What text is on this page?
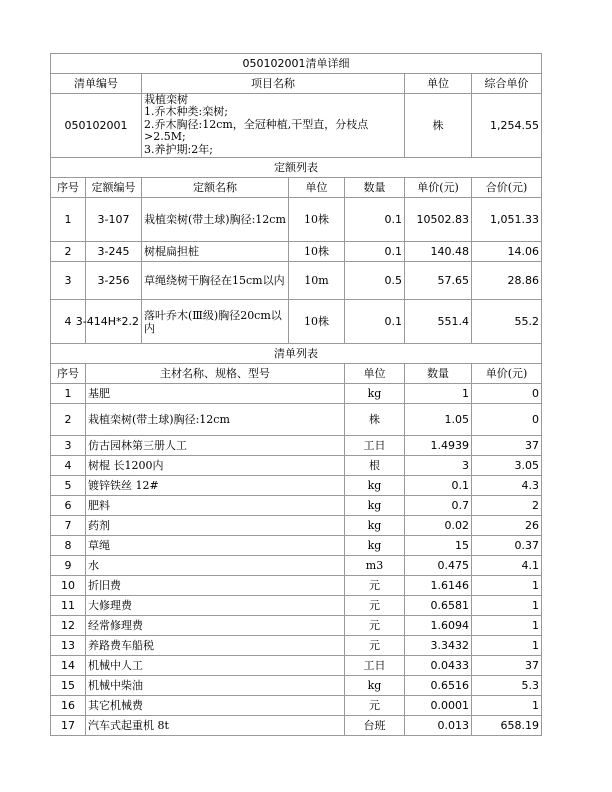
050102001清单详细							
清单编号		项目名称			单位	综合单价	
050102001		栽植栾树
1.乔木种类:栾树;
2.乔木胸径:12cm，全冠种植,干型直，分枝点
>2.5M;
3.养护期:2年;			株	1,254.55	
定额列表							
序号	定额编号	定额名称	单位	数量	单价(元)	合价(元)	
1	3-107	栽植栾树(带土球)胸径:12cm	10株	0.1	10502.83	1,051.33	
2	3-245	树棍扁担桩	10株	0.1	140.48	14.06	
3	3-256	草绳绕树干胸径在15cm以内	10m	0.5	57.65	28.86	
4	3-414H*2.2	落叶乔木(Ⅲ级)胸径20cm以内	10株	0.1	551.4	55.2	
清单列表							
序号	主材名称、规格、型号			单位	数量	单价(元)	
1	基肥			kg	1	0	
2	栽植栾树(带土球)胸径:12cm			株	1.05	0	
3	仿古园林第三册人工			工日	1.4939	37	
4	树棍 长1200内			根	3	3.05	
5	镀锌铁丝 12#			kg	0.1	4.3	
6	肥料			kg	0.7	2	
7	药剂			kg	0.02	26	
8	草绳			kg	15	0.37	
9	水			m3	0.475	4.1	
10	折旧费			元	1.6146	1	
11	大修理费			元	0.6581	1	
12	经常修理费			元	1.6094	1	
13	养路费车船税			元	3.3432	1	
14	机械中人工			工日	0.0433	37	
15	机械中柴油			kg	0.6516	5.3	
16	其它机械费			元	0.0001	1	
17	汽车式起重机 8t			台班	0.013	658.19	
